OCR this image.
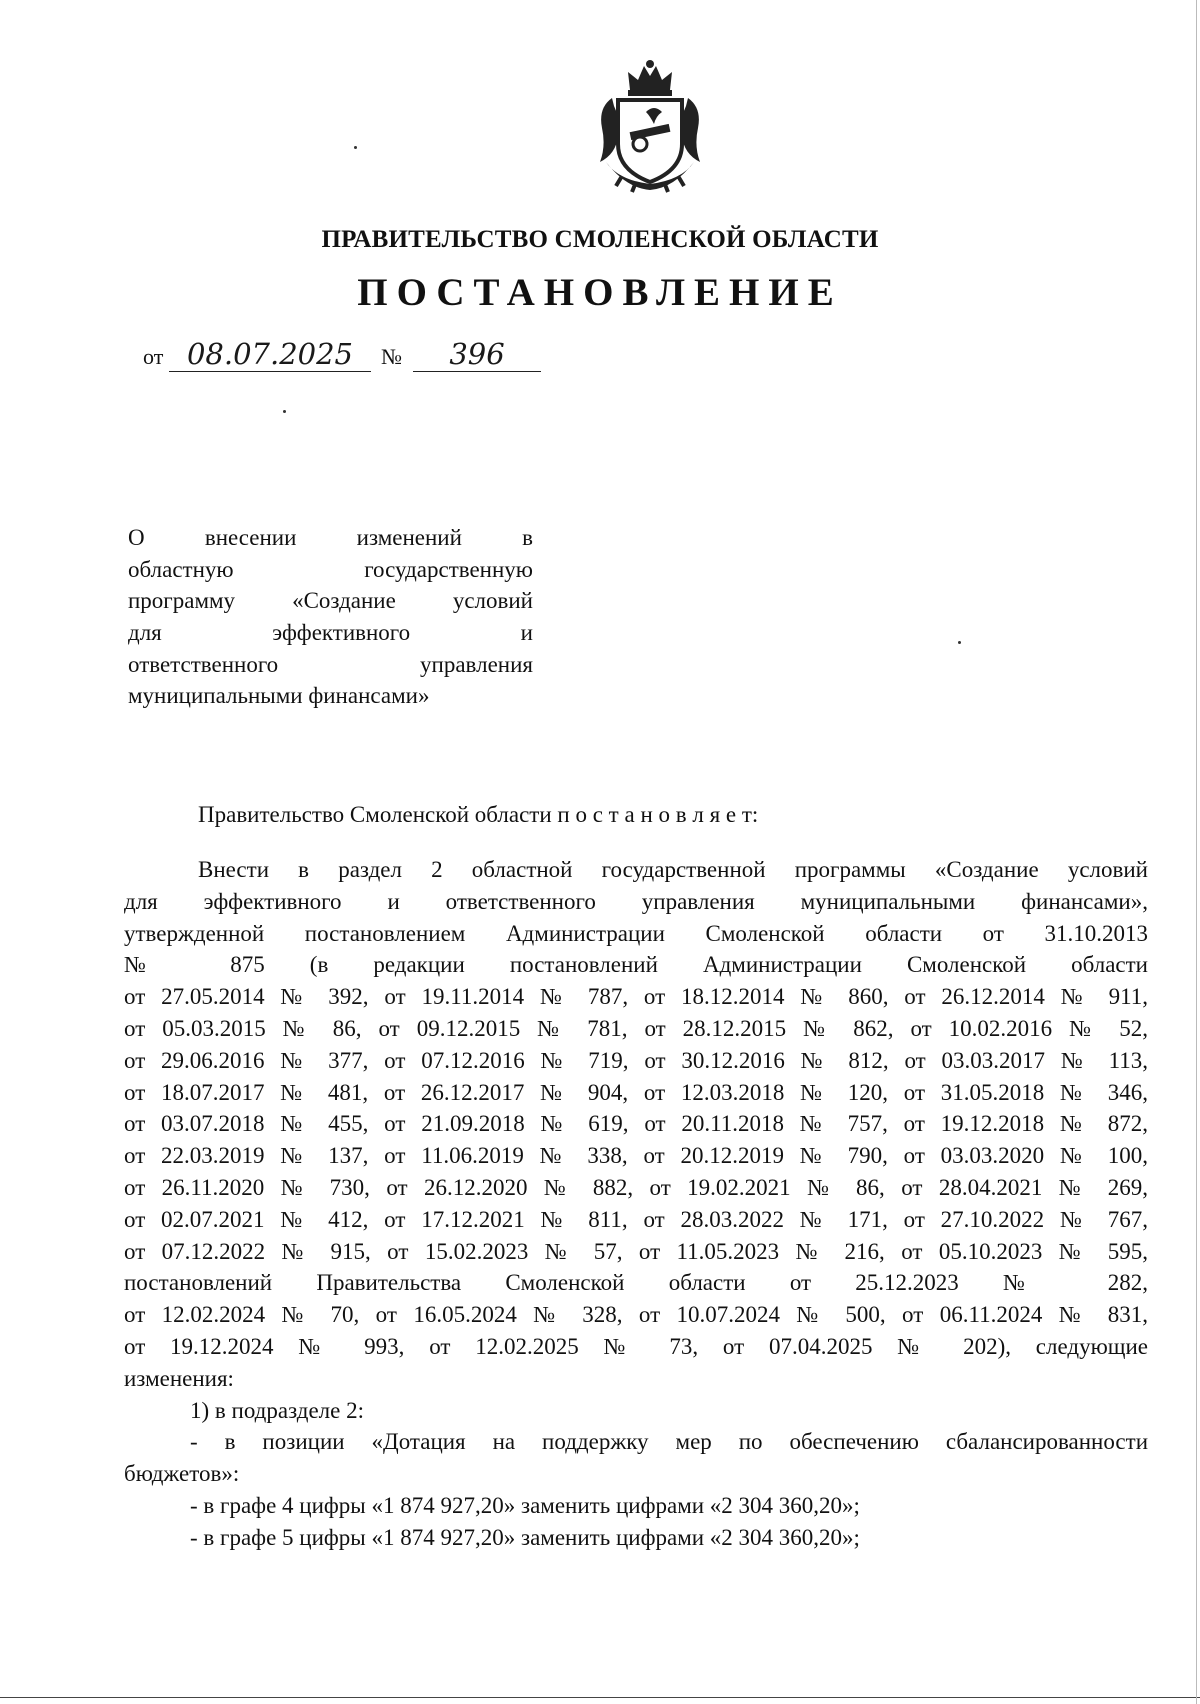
ПРАВИТЕЛЬСТВО СМОЛЕНСКОЙ ОБЛАСТИ
ПОСТАНОВЛЕНИЕ
от 08.07.2025	№	396
О внесении изменений в
областную государственную
программу «Создание условий
для эффективного и
ответственного управления
муниципальными финансами»
Правительство Смоленской области п о с т а н о в л я е т:
Внести в раздел 2 областной государственной программы «Создание условий
для эффективного и ответственного управления муниципальными финансами»,
утвержденной постановлением Администрации Смоленской области от 31.10.2013
№ 875 (в редакции постановлений Администрации Смоленской области
от 27.05.2014 № 392, от 19.11.2014 № 787, от 18.12.2014 № 860, от 26.12.2014 № 911,
от 05.03.2015 № 86, от 09.12.2015 № 781, от 28.12.2015 № 862, от 10.02.2016 № 52,
от 29.06.2016 № 377, от 07.12.2016 № 719, от 30.12.2016 № 812, от 03.03.2017 № 113,
от 18.07.2017 № 481, от 26.12.2017 № 904, от 12.03.2018 № 120, от 31.05.2018 № 346,
от 03.07.2018 № 455, от 21.09.2018 № 619, от 20.11.2018 № 757, от 19.12.2018 № 872,
от 22.03.2019 № 137, от 11.06.2019 № 338, от 20.12.2019 № 790, от 03.03.2020 № 100,
от 26.11.2020 № 730, от 26.12.2020 № 882, от 19.02.2021 № 86, от 28.04.2021 № 269,
от 02.07.2021 № 412, от 17.12.2021 № 811, от 28.03.2022 № 171, от 27.10.2022 № 767,
от 07.12.2022 № 915, от 15.02.2023 № 57, от 11.05.2023 № 216, от 05.10.2023 № 595,
постановлений Правительства Смоленской области от 25.12.2023 № 282,
от 12.02.2024 № 70, от 16.05.2024 № 328, от 10.07.2024 № 500, от 06.11.2024 № 831,
от 19.12.2024 № 993, от 12.02.2025 № 73, от 07.04.2025 № 202), следующие
изменения:
1) в подразделе 2:
- в позиции «Дотация на поддержку мер по обеспечению сбалансированности
бюджетов»:
- в графе 4 цифры «1 874 927,20» заменить цифрами «2 304 360,20»;
- в графе 5 цифры «1 874 927,20» заменить цифрами «2 304 360,20»;
